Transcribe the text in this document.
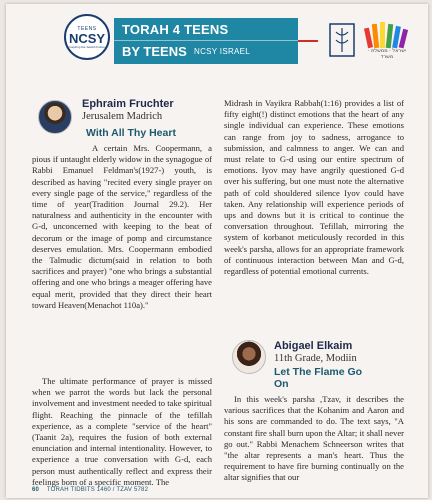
TEENS
NCSY
Inspiring the Jewish Future
TORAH 4 TEENS
BY TEENS NCSY ISRAEL	ישראל · ממשלת · משרד
Ephraim Fruchter
Jerusalem Madrich
With All Thy Heart
A certain Mrs. Coopermann, a pious if untaught elderly widow in the synagogue of Rabbi Emanuel Feldman's(1927-) youth, is described as having "recited every single prayer on every single page of the service," regardless of the time of year(Tradition Journal 29.2). Her naturalness and authenticity in the encounter with G-d, unconcerned with keeping to the beat of decorum or the image of pomp and circumstance deserves emulation. Mrs. Coopermann embodied the Talmudic dictum(said in relation to both sacrifices and prayer) "one who brings a substantial offering and one who brings a meager offering have equal merit, provided that they direct their heart toward Heaven(Menachot 110a)."
The ultimate performance of prayer is missed when we parrot the words but lack the personal involvement and investment needed to take spiritual flight. Reaching the pinnacle of the tefillah experience, as a complete "service of the heart"(Taanit 2a), requires the fusion of both external enunciation and internal intentionality. However, to experience a true conversation with G-d, each person must authentically reflect and express their feelings born of a specific moment. The
Midrash in Vayikra Rabbah(1:16) provides a list of fifty eight(!) distinct emotions that the heart of any single individual can experience. These emotions can range from joy to sadness, arrogance to submission, and calmness to anger. We can and must relate to G-d using our entire spectrum of emotions. Iyov may have angrily questioned G-d over his suffering, but one must note the alternative path of cold shouldered silence Iyov could have taken. Any relationship will experience periods of ups and downs but it is critical to continue the conversation throughout. Tefillah, mirroring the system of korbanot meticulously recorded in this week's parsha, allows for an appropriate framework of continuous interaction between Man and G-d, regardless of potential emotional currents.
Abigael Elkaim
11th Grade, Modiin
Let The Flame Go
On
In this week's parsha ,Tzav, it describes the various sacrifices that the Kohanim and Aaron and his sons are commanded to do. The text says, "A constant fire shall burn upon the Altar; it shall never go out." Rabbi Menachem Schneerson writes that "the altar represents a man's heart. Thus the requirement to have fire burning continually on the altar signifies that our
60 TORAH TIDBITS 1460 / TZAV 5782
